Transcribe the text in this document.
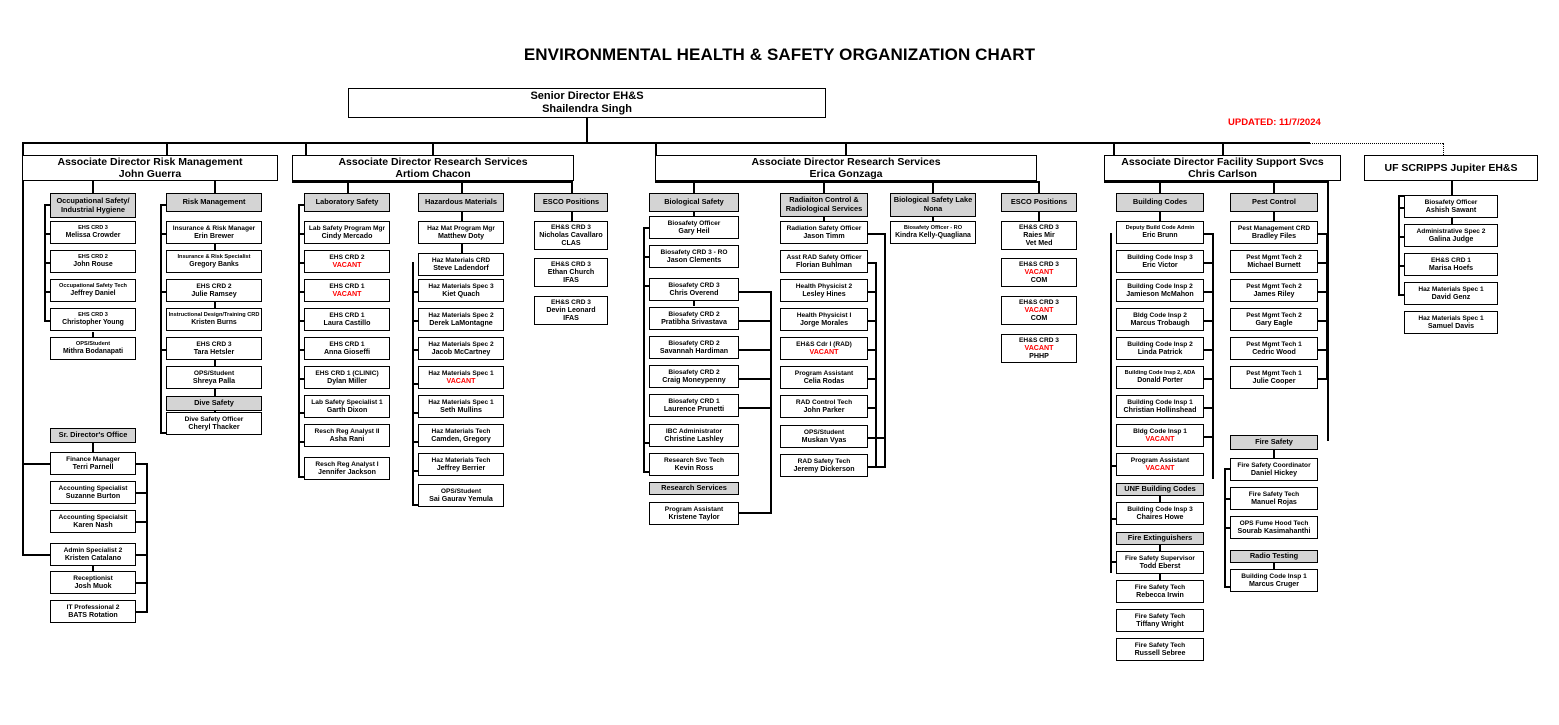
ENVIRONMENTAL HEALTH & SAFETY ORGANIZATION CHART
UPDATED: 11/7/2024
Senior Director EH&S
Shailendra Singh
Associate Director Risk Management
John Guerra
Associate Director Research Services
Artiom Chacon
Associate Director Research Services
Erica Gonzaga
Associate Director Facility Support Svcs
Chris Carlson
UF SCRIPPS Jupiter EH&S
Occupational Safety/ Industrial Hygiene
Risk Management
EHS CRD 3
Melissa Crowder
EHS CRD 2
John Rouse
Occupational Safety Tech
Jeffrey Daniel
EHS CRD 3
Christopher Young
OPS/Student
Mithra Bodanapati
Insurance & Risk Manager
Erin Brewer
Insurance & Risk Specialist
Gregory Banks
EHS CRD 2
Julie Ramsey
Instructional Design/Training CRD
Kristen Burns
EHS CRD 3
Tara Hetsler
OPS/Student
Shreya Palla
Dive Safety
Dive Safety Officer
Cheryl Thacker
Sr. Director's Office
Finance Manager
Terri Parnell
Accounting Specialist
Suzanne Burton
Accounting Specialsit
Karen Nash
Admin Specialist 2
Kristen Catalano
Receptionist
Josh Muok
IT Professional 2
BATS Rotation
Laboratory Safety	Hazardous Materials	ESCO Positions
Lab Safety Program Mgr
Cindy Mercado
EHS CRD 2
VACANT
EHS CRD 1
VACANT
EHS CRD 1
Laura Castillo
EHS CRD 1
Anna Gioseffi
EHS CRD 1 (CLINIC)
Dylan Miller
Lab Safety Specialist 1
Garth Dixon
Resch Reg Analyst II
Asha Rani
Resch Reg Analyst I
Jennifer Jackson
Haz Mat Program Mgr
Matthew Doty
Haz Materials CRD
Steve Ladendorf
Haz Materials Spec 3
Kiet Quach
Haz Materials Spec 2
Derek LaMontagne
Haz Materials Spec 2
Jacob McCartney
Haz Materials Spec 1
VACANT
Haz Materials Spec 1
Seth Mullins
Haz Materials Tech
Camden, Gregory
Haz Materials Tech
Jeffrey Berrier
OPS/Student
Sai Gaurav Yemula
EH&S CRD 3
Nicholas Cavallaro
CLAS
EH&S CRD 3
Ethan Church
IFAS
EH&S CRD 3
Devin Leonard
IFAS
Biological Safety	Radiaiton Control & Radiological Services
Biological Safety Lake Nona
ESCO Positions
Biosafety Officer
Gary Heil
Biosafety CRD 3 - RO
Jason Clements
Biosafety CRD 3
Chris Overend
Biosafety CRD 2
Pratibha Srivastava
Biosafety CRD 2
Savannah Hardiman
Biosafety CRD 2
Craig Moneypenny
Biosafety CRD 1
Laurence Prunetti
IBC Administrator
Christine Lashley
Research Svc Tech
Kevin Ross
Research Services
Program Assistant
Kristene Taylor
Radiation Safety Officer
Jason Timm
Asst RAD Safety Officer
Florian Buhlman
Health Physicist 2
Lesley Hines
Health Physicist I
Jorge Morales
EH&S Cdr I (RAD)
VACANT
Program Assistant
Celia Rodas
RAD Control Tech
John Parker
OPS/Student
Muskan Vyas
RAD Safety Tech
Jeremy Dickerson
Biosafety Officer - RO
Kindra Kelly-Quagliana
EH&S CRD 3
Raies Mir
Vet Med
EH&S CRD 3
VACANT
COM
EH&S CRD 3
VACANT
COM
EH&S CRD 3
VACANT
PHHP
Building Codes	Pest Control
Deputy Build Code Admin
Eric Brunn
Building Code Insp 3
Eric Victor
Building Code Insp 2
Jamieson McMahon
Bldg Code Insp 2
Marcus Trobaugh
Building Code Insp 2
Linda Patrick
Building Code Insp 2, ADA
Donald Porter
Building Code Insp 1
Christian Hollinshead
Bldg Code Insp 1
VACANT
Program Assistant
VACANT
UNF Building Codes
Building Code Insp 3
Chaires Howe
Fire Extinguishers
Fire Safety Supervisor
Todd Eberst
Fire Safety Tech
Rebecca Irwin
Fire Safety Tech
Tiffany Wright
Fire Safety Tech
Russell Sebree
Pest Management CRD
Bradley Files
Pest Mgmt Tech 2
Michael Burnett
Pest Mgmt Tech 2
James Riley
Pest Mgmt Tech 2
Gary Eagle
Pest Mgmt Tech 1
Cedric Wood
Pest Mgmt Tech 1
Julie Cooper
Fire Safety
Fire Safety Coordinator
Daniel Hickey
Fire Safety Tech
Manuel Rojas
OPS Fume Hood Tech
Sourab Kasimahanthi
Radio Testing
Building Code Insp 1
Marcus Cruger
Biosafety Officer
Ashish Sawant
Administrative Spec 2
Galina Judge
EH&S CRD 1
Marisa Hoefs
Haz Materials Spec 1
David Genz
Haz Materials Spec 1
Samuel Davis
